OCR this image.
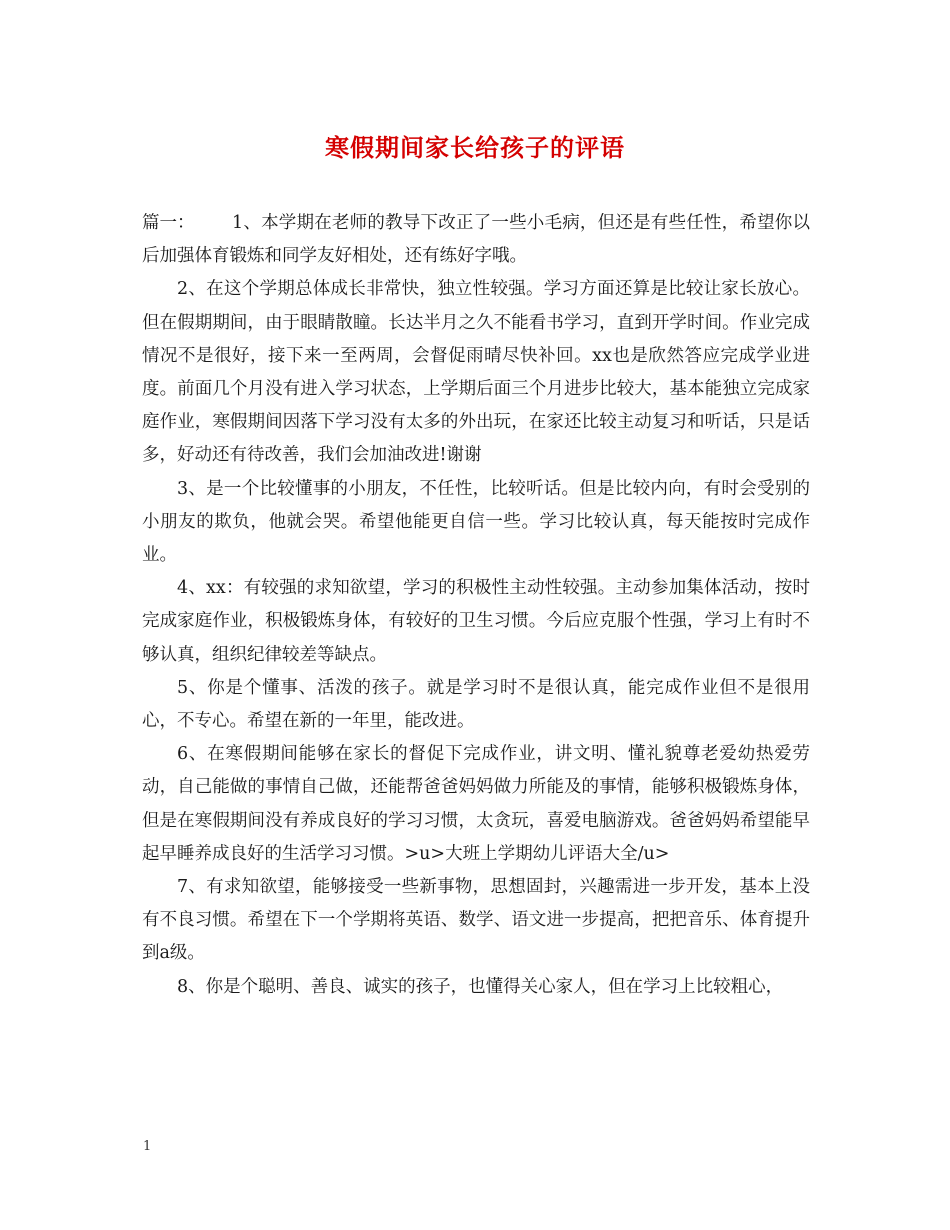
寒假期间家长给孩子的评语

篇一： 1、本学期在老师的教导下改正了一些小毛病，但还是有些任性，希望你以后加强体育锻炼和同学友好相处，还有练好字哦。

2、在这个学期总体成长非常快，独立性较强。学习方面还算是比较让家长放心。但在假期期间，由于眼睛散瞳。长达半月之久不能看书学习，直到开学时间。作业完成情况不是很好，接下来一至两周，会督促雨晴尽快补回。xx也是欣然答应完成学业进度。前面几个月没有进入学习状态，上学期后面三个月进步比较大，基本能独立完成家庭作业，寒假期间因落下学习没有太多的外出玩，在家还比较主动复习和听话，只是话多，好动还有待改善，我们会加油改进!谢谢

3、是一个比较懂事的小朋友，不任性，比较听话。但是比较内向，有时会受别的小朋友的欺负，他就会哭。希望他能更自信一些。学习比较认真，每天能按时完成作业。

4、xx：有较强的求知欲望，学习的积极性主动性较强。主动参加集体活动，按时完成家庭作业，积极锻炼身体，有较好的卫生习惯。今后应克服个性强，学习上有时不够认真，组织纪律较差等缺点。

5、你是个懂事、活泼的孩子。就是学习时不是很认真，能完成作业但不是很用心，不专心。希望在新的一年里，能改进。

6、在寒假期间能够在家长的督促下完成作业，讲文明、懂礼貌尊老爱幼热爱劳动，自己能做的事情自己做，还能帮爸爸妈妈做力所能及的事情，能够积极锻炼身体，但是在寒假期间没有养成良好的学习习惯，太贪玩，喜爱电脑游戏。爸爸妈妈希望能早起早睡养成良好的生活学习习惯。>u>大班上学期幼儿评语大全/u>

7、有求知欲望，能够接受一些新事物，思想固封，兴趣需进一步开发，基本上没有不良习惯。希望在下一个学期将英语、数学、语文进一步提高，把把音乐、体育提升到a级。

8、你是个聪明、善良、诚实的孩子，也懂得关心家人，但在学习上比较粗心，

1
